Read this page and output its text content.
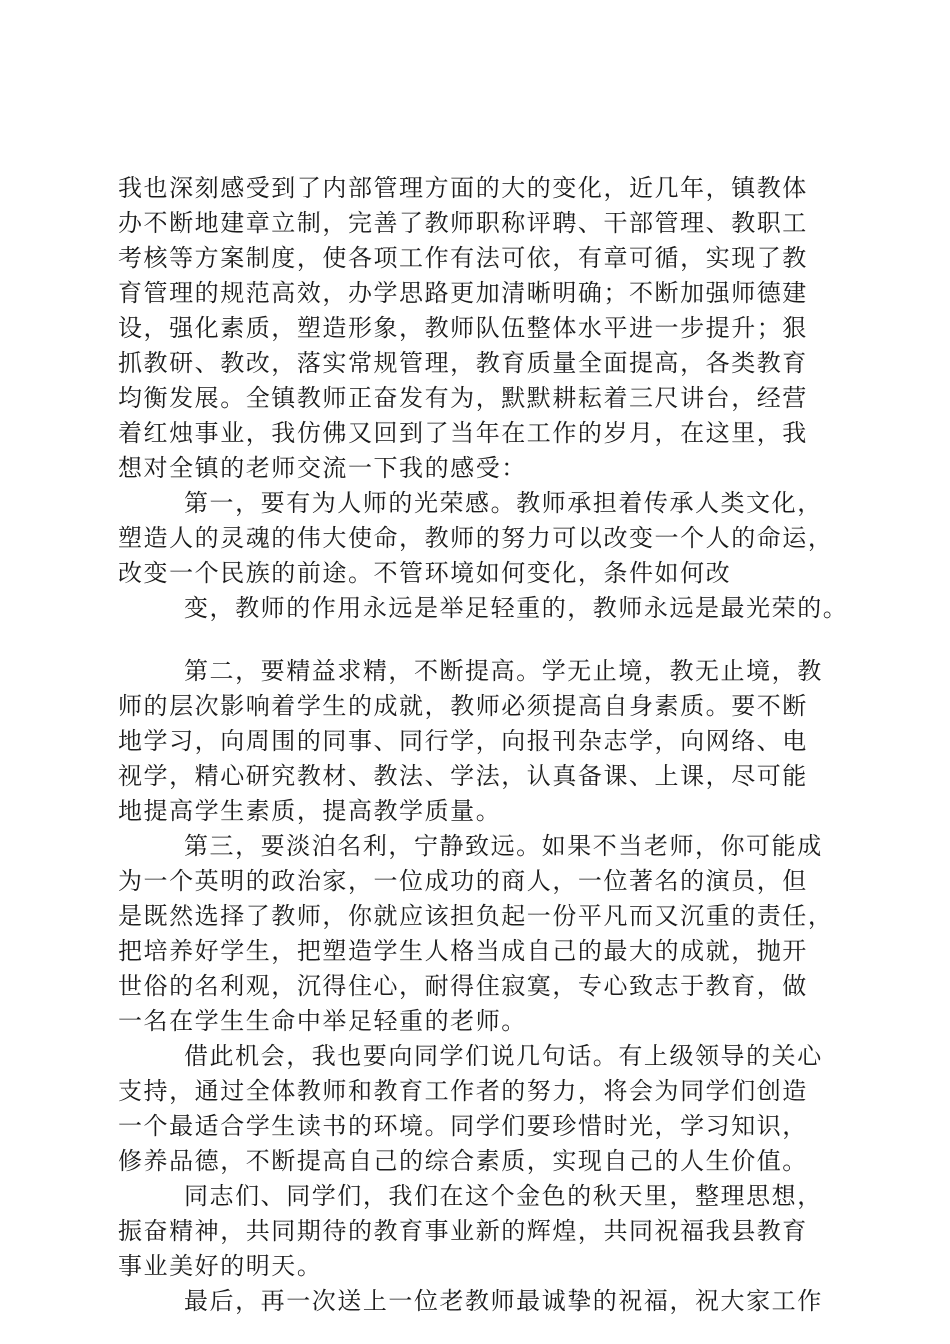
我也深刻感受到了内部管理方面的大的变化，近几年，镇教体
办不断地建章立制，完善了教师职称评聘、干部管理、教职工
考核等方案制度，使各项工作有法可依，有章可循，实现了教
育管理的规范高效，办学思路更加清晰明确；不断加强师德建
设，强化素质，塑造形象，教师队伍整体水平进一步提升；狠
抓教研、教改，落实常规管理，教育质量全面提高，各类教育
均衡发展。全镇教师正奋发有为，默默耕耘着三尺讲台，经营
着红烛事业，我仿佛又回到了当年在工作的岁月，在这里，我
想对全镇的老师交流一下我的感受：
第一，要有为人师的光荣感。教师承担着传承人类文化，
塑造人的灵魂的伟大使命，教师的努力可以改变一个人的命运，
改变一个民族的前途。不管环境如何变化，条件如何改
变，教师的作用永远是举足轻重的，教师永远是最光荣的。
第二，要精益求精，不断提高。学无止境，教无止境，教
师的层次影响着学生的成就，教师必须提高自身素质。要不断
地学习，向周围的同事、同行学，向报刊杂志学，向网络、电
视学，精心研究教材、教法、学法，认真备课、上课，尽可能
地提高学生素质，提高教学质量。
第三，要淡泊名利，宁静致远。如果不当老师，你可能成
为一个英明的政治家，一位成功的商人，一位著名的演员，但
是既然选择了教师，你就应该担负起一份平凡而又沉重的责任，
把培养好学生，把塑造学生人格当成自己的最大的成就，抛开
世俗的名利观，沉得住心，耐得住寂寞，专心致志于教育，做
一名在学生生命中举足轻重的老师。
借此机会，我也要向同学们说几句话。有上级领导的关心
支持，通过全体教师和教育工作者的努力，将会为同学们创造
一个最适合学生读书的环境。同学们要珍惜时光，学习知识，
修养品德，不断提高自己的综合素质，实现自己的人生价值。
同志们、同学们，我们在这个金色的秋天里，整理思想，
振奋精神，共同期待的教育事业新的辉煌，共同祝福我县教育
事业美好的明天。
最后，再一次送上一位老教师最诚挚的祝福，祝大家工作
